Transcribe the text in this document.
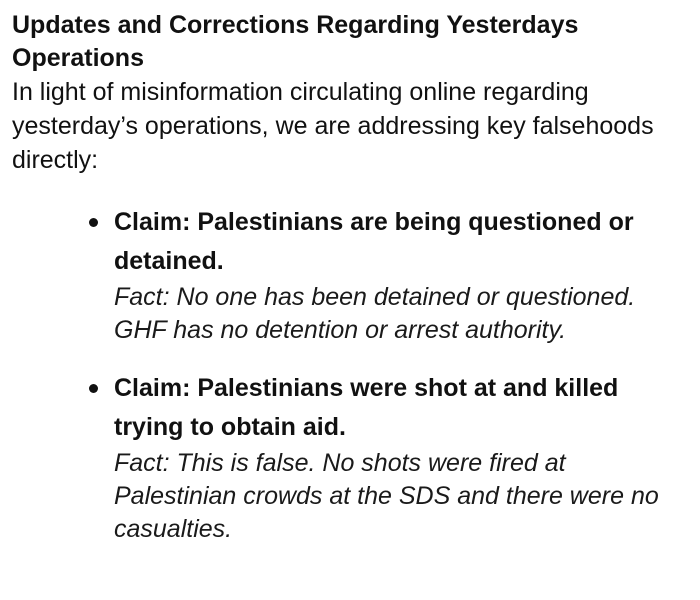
Updates and Corrections Regarding Yesterdays Operations

In light of misinformation circulating online regarding yesterday’s operations, we are addressing key falsehoods directly:

Claim: Palestinians are being questioned or detained.
Fact: No one has been detained or questioned. GHF has no detention or arrest authority.
Claim: Palestinians were shot at and killed trying to obtain aid.
Fact: This is false. No shots were fired at Palestinian crowds at the SDS and there were no casualties.
